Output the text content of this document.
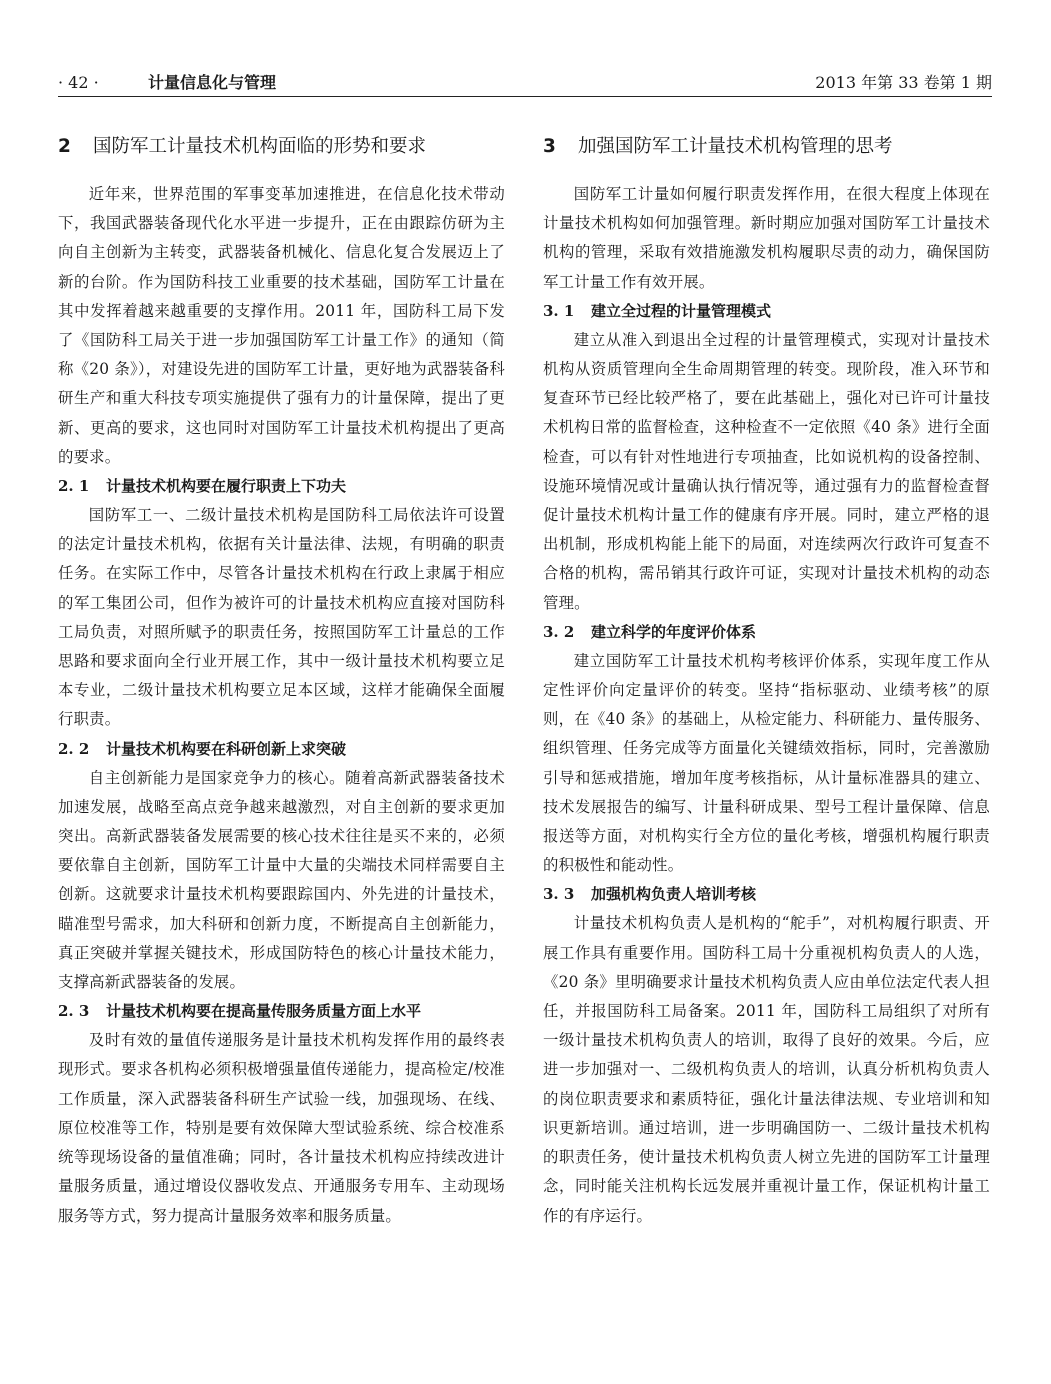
· 42 ·	计量信息化与管理	2013 年第 33 卷第 1 期
2 国防军工计量技术机构面临的形势和要求

近年来，世界范围的军事变革加速推进，在信息化技术带动下，我国武器装备现代化水平进一步提升，正在由跟踪仿研为主向自主创新为主转变，武器装备机械化、信息化复合发展迈上了新的台阶。作为国防科技工业重要的技术基础，国防军工计量在其中发挥着越来越重要的支撑作用。2011 年，国防科工局下发了《国防科工局关于进一步加强国防军工计量工作》的通知（简称《20 条》），对建设先进的国防军工计量，更好地为武器装备科研生产和重大科技专项实施提供了强有力的计量保障，提出了更新、更高的要求，这也同时对国防军工计量技术机构提出了更高的要求。

2. 1 计量技术机构要在履行职责上下功夫

国防军工一、二级计量技术机构是国防科工局依法许可设置的法定计量技术机构，依据有关计量法律、法规，有明确的职责任务。在实际工作中，尽管各计量技术机构在行政上隶属于相应的军工集团公司，但作为被许可的计量技术机构应直接对国防科工局负责，对照所赋予的职责任务，按照国防军工计量总的工作思路和要求面向全行业开展工作，其中一级计量技术机构要立足本专业，二级计量技术机构要立足本区域，这样才能确保全面履行职责。

2. 2 计量技术机构要在科研创新上求突破

自主创新能力是国家竞争力的核心。随着高新武器装备技术加速发展，战略至高点竞争越来越激烈，对自主创新的要求更加突出。高新武器装备发展需要的核心技术往往是买不来的，必须要依靠自主创新，国防军工计量中大量的尖端技术同样需要自主创新。这就要求计量技术机构要跟踪国内、外先进的计量技术，瞄准型号需求，加大科研和创新力度，不断提高自主创新能力，真正突破并掌握关键技术，形成国防特色的核心计量技术能力，支撑高新武器装备的发展。

2. 3 计量技术机构要在提高量传服务质量方面上水平

及时有效的量值传递服务是计量技术机构发挥作用的最终表现形式。要求各机构必须积极增强量值传递能力，提高检定/校准工作质量，深入武器装备科研生产试验一线，加强现场、在线、原位校准等工作，特别是要有效保障大型试验系统、综合校准系统等现场设备的量值准确；同时，各计量技术机构应持续改进计量服务质量，通过增设仪器收发点、开通服务专用车、主动现场服务等方式，努力提高计量服务效率和服务质量。

3 加强国防军工计量技术机构管理的思考

国防军工计量如何履行职责发挥作用，在很大程度上体现在计量技术机构如何加强管理。新时期应加强对国防军工计量技术机构的管理，采取有效措施激发机构履职尽责的动力，确保国防军工计量工作有效开展。

3. 1 建立全过程的计量管理模式

建立从准入到退出全过程的计量管理模式，实现对计量技术机构从资质管理向全生命周期管理的转变。现阶段，准入环节和复查环节已经比较严格了，要在此基础上，强化对已许可计量技术机构日常的监督检查，这种检查不一定依照《40 条》进行全面检查，可以有针对性地进行专项抽查，比如说机构的设备控制、设施环境情况或计量确认执行情况等，通过强有力的监督检查督促计量技术机构计量工作的健康有序开展。同时，建立严格的退出机制，形成机构能上能下的局面，对连续两次行政许可复查不合格的机构，需吊销其行政许可证，实现对计量技术机构的动态管理。

3. 2 建立科学的年度评价体系

建立国防军工计量技术机构考核评价体系，实现年度工作从定性评价向定量评价的转变。坚持“指标驱动、业绩考核”的原则，在《40 条》的基础上，从检定能力、科研能力、量传服务、组织管理、任务完成等方面量化关键绩效指标，同时，完善激励引导和惩戒措施，增加年度考核指标，从计量标准器具的建立、技术发展报告的编写、计量科研成果、型号工程计量保障、信息报送等方面，对机构实行全方位的量化考核，增强机构履行职责的积极性和能动性。

3. 3 加强机构负责人培训考核

计量技术机构负责人是机构的“舵手”，对机构履行职责、开展工作具有重要作用。国防科工局十分重视机构负责人的人选，《20 条》里明确要求计量技术机构负责人应由单位法定代表人担任，并报国防科工局备案。2011 年，国防科工局组织了对所有一级计量技术机构负责人的培训，取得了良好的效果。今后，应进一步加强对一、二级机构负责人的培训，认真分析机构负责人的岗位职责要求和素质特征，强化计量法律法规、专业培训和知识更新培训。通过培训，进一步明确国防一、二级计量技术机构的职责任务，使计量技术机构负责人树立先进的国防军工计量理念，同时能关注机构长远发展并重视计量工作，保证机构计量工作的有序运行。
